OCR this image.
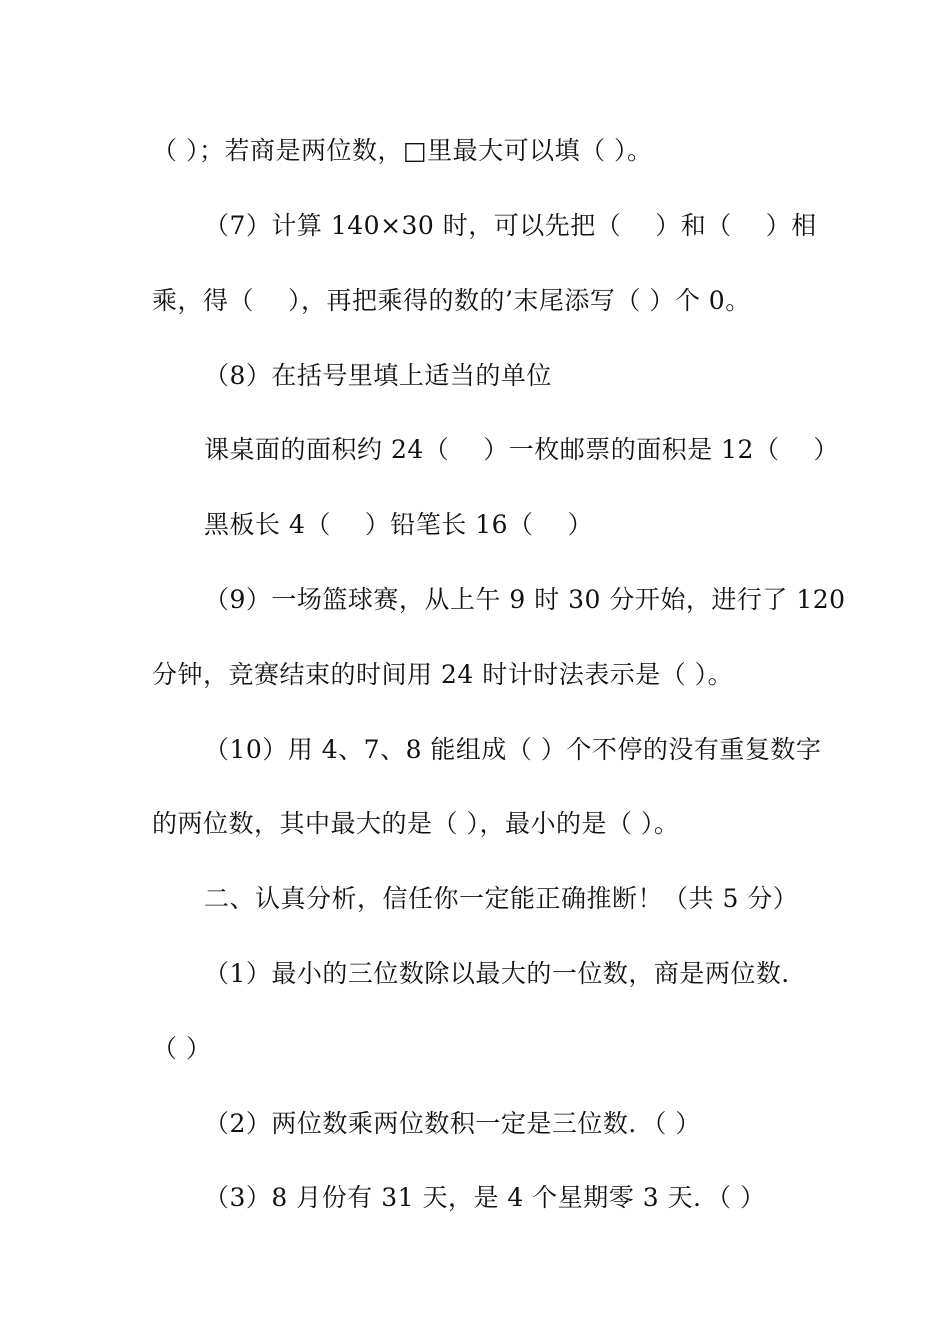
（ ）；若商是两位数，□里最大可以填（ ）。
（7）计算 140×30 时，可以先把（　 ）和（　 ）相
乘，得（　 ），再把乘得的数的’末尾添写（ ）个 0。
（8）在括号里填上适当的单位
课桌面的面积约 24（　 ）一枚邮票的面积是 12（　 ）
黑板长 4（　 ）铅笔长 16（　 ）
（9）一场篮球赛，从上午 9 时 30 分开始，进行了 120
分钟，竞赛结束的时间用 24 时计时法表示是（ ）。
（10）用 4、7、8 能组成（ ）个不停的没有重复数字
的两位数，其中最大的是（ ），最小的是（ ）。
二、认真分析，信任你一定能正确推断！（共 5 分）
（1）最小的三位数除以最大的一位数，商是两位数．
（ ）
（2）两位数乘两位数积一定是三位数．（ ）
（3）8 月份有 31 天，是 4 个星期零 3 天．（ ）
